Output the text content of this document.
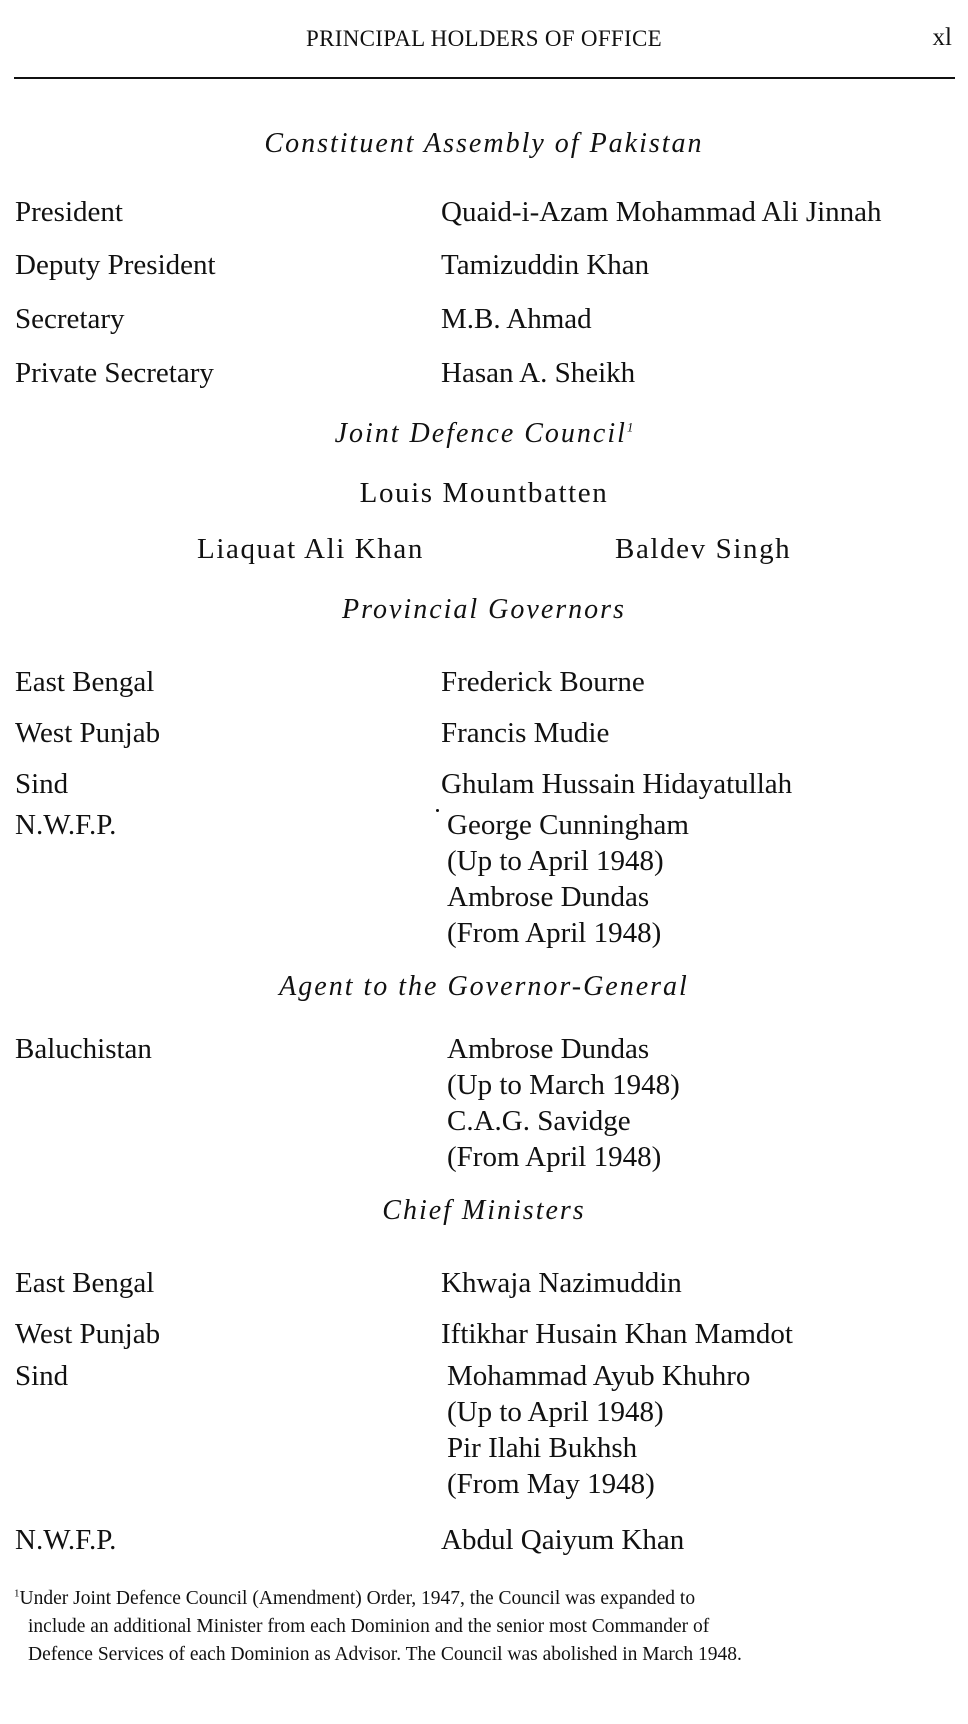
PRINCIPAL HOLDERS OF OFFICE	xl
Constituent Assembly of Pakistan
President	Quaid-i-Azam Mohammad Ali Jinnah
Deputy President	Tamizuddin Khan
Secretary	M.B. Ahmad
Private Secretary	Hasan A. Sheikh
Joint Defence Council$^1$
Louis Mountbatten
Liaquat Ali Khan	Baldev Singh
Provincial Governors
East Bengal	Frederick Bourne
West Punjab	Francis Mudie
Sind	Ghulam Hussain Hidayatullah
N.W.F.P.	George Cunningham
(Up to April 1948)
Ambrose Dundas
(From April 1948)
Agent to the Governor-General
Baluchistan	Ambrose Dundas
(Up to March 1948)
C.A.G. Savidge
(From April 1948)
Chief Ministers
East Bengal	Khwaja Nazimuddin
West Punjab	Iftikhar Husain Khan Mamdot
Sind	Mohammad Ayub Khuhro
(Up to April 1948)
Pir Ilahi Bukhsh
(From May 1948)
N.W.F.P.	Abdul Qaiyum Khan
$^1$Under Joint Defence Council (Amendment) Order, 1947, the Council was expanded to
include an additional Minister from each Dominion and the senior most Commander of
Defence Services of each Dominion as Advisor. The Council was abolished in March 1948.
